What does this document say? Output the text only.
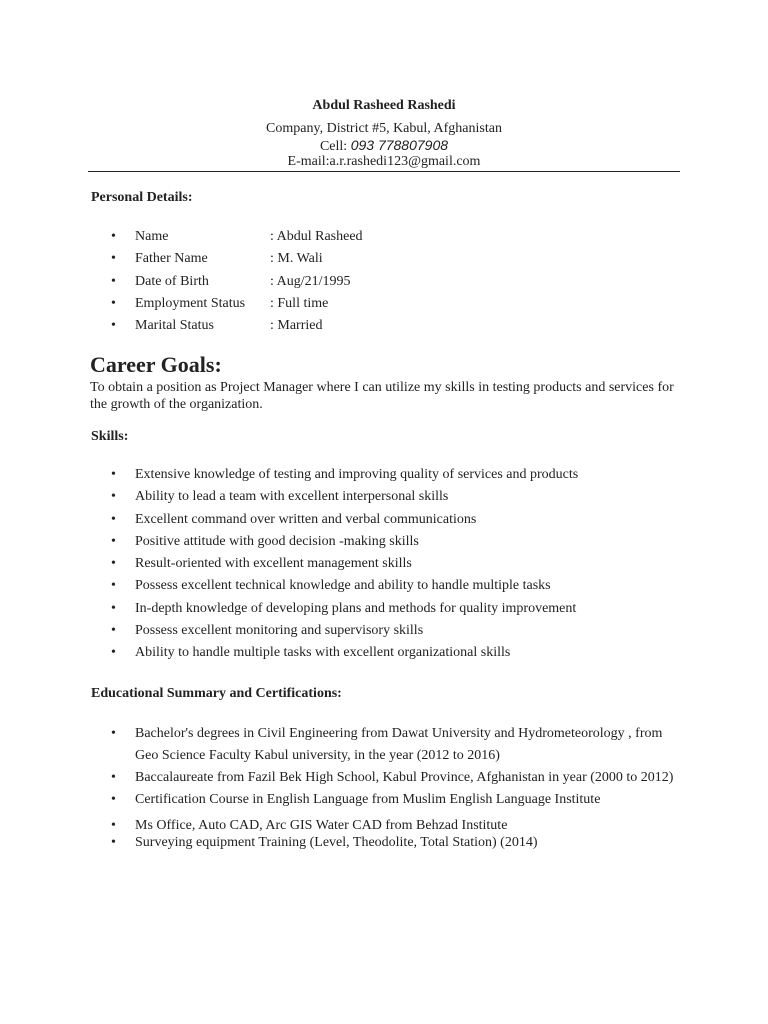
Abdul Rasheed Rashedi
Company, District #5, Kabul, Afghanistan
Cell: 093 778807908
E-mail:a.r.rashedi123@gmail.com
Personal Details:
• Name	: Abdul Rasheed
• Father Name	: M. Wali
• Date of Birth	: Aug/21/1995
• Employment Status : Full time
• Marital Status	: Married
Career Goals:
To obtain a position as Project Manager where I can utilize my skills in testing products and services for the growth of the organization.
Skills:
• Extensive knowledge of testing and improving quality of services and products
• Ability to lead a team with excellent interpersonal skills
• Excellent command over written and verbal communications
• Positive attitude with good decision -making skills
• Result-oriented with excellent management skills
• Possess excellent technical knowledge and ability to handle multiple tasks
• In-depth knowledge of developing plans and methods for quality improvement
• Possess excellent monitoring and supervisory skills
• Ability to handle multiple tasks with excellent organizational skills
Educational Summary and Certifications:
• Bachelor's degrees in Civil Engineering from Dawat University and Hydrometeorology , from Geo Science Faculty Kabul university, in the year (2012 to 2016)
• Baccalaureate from Fazil Bek High School, Kabul Province, Afghanistan in year (2000 to 2012)
• Certification Course in English Language from Muslim English Language Institute
• Ms Office, Auto CAD, Arc GIS Water CAD from Behzad Institute
• Surveying equipment Training (Level, Theodolite, Total Station) (2014)
